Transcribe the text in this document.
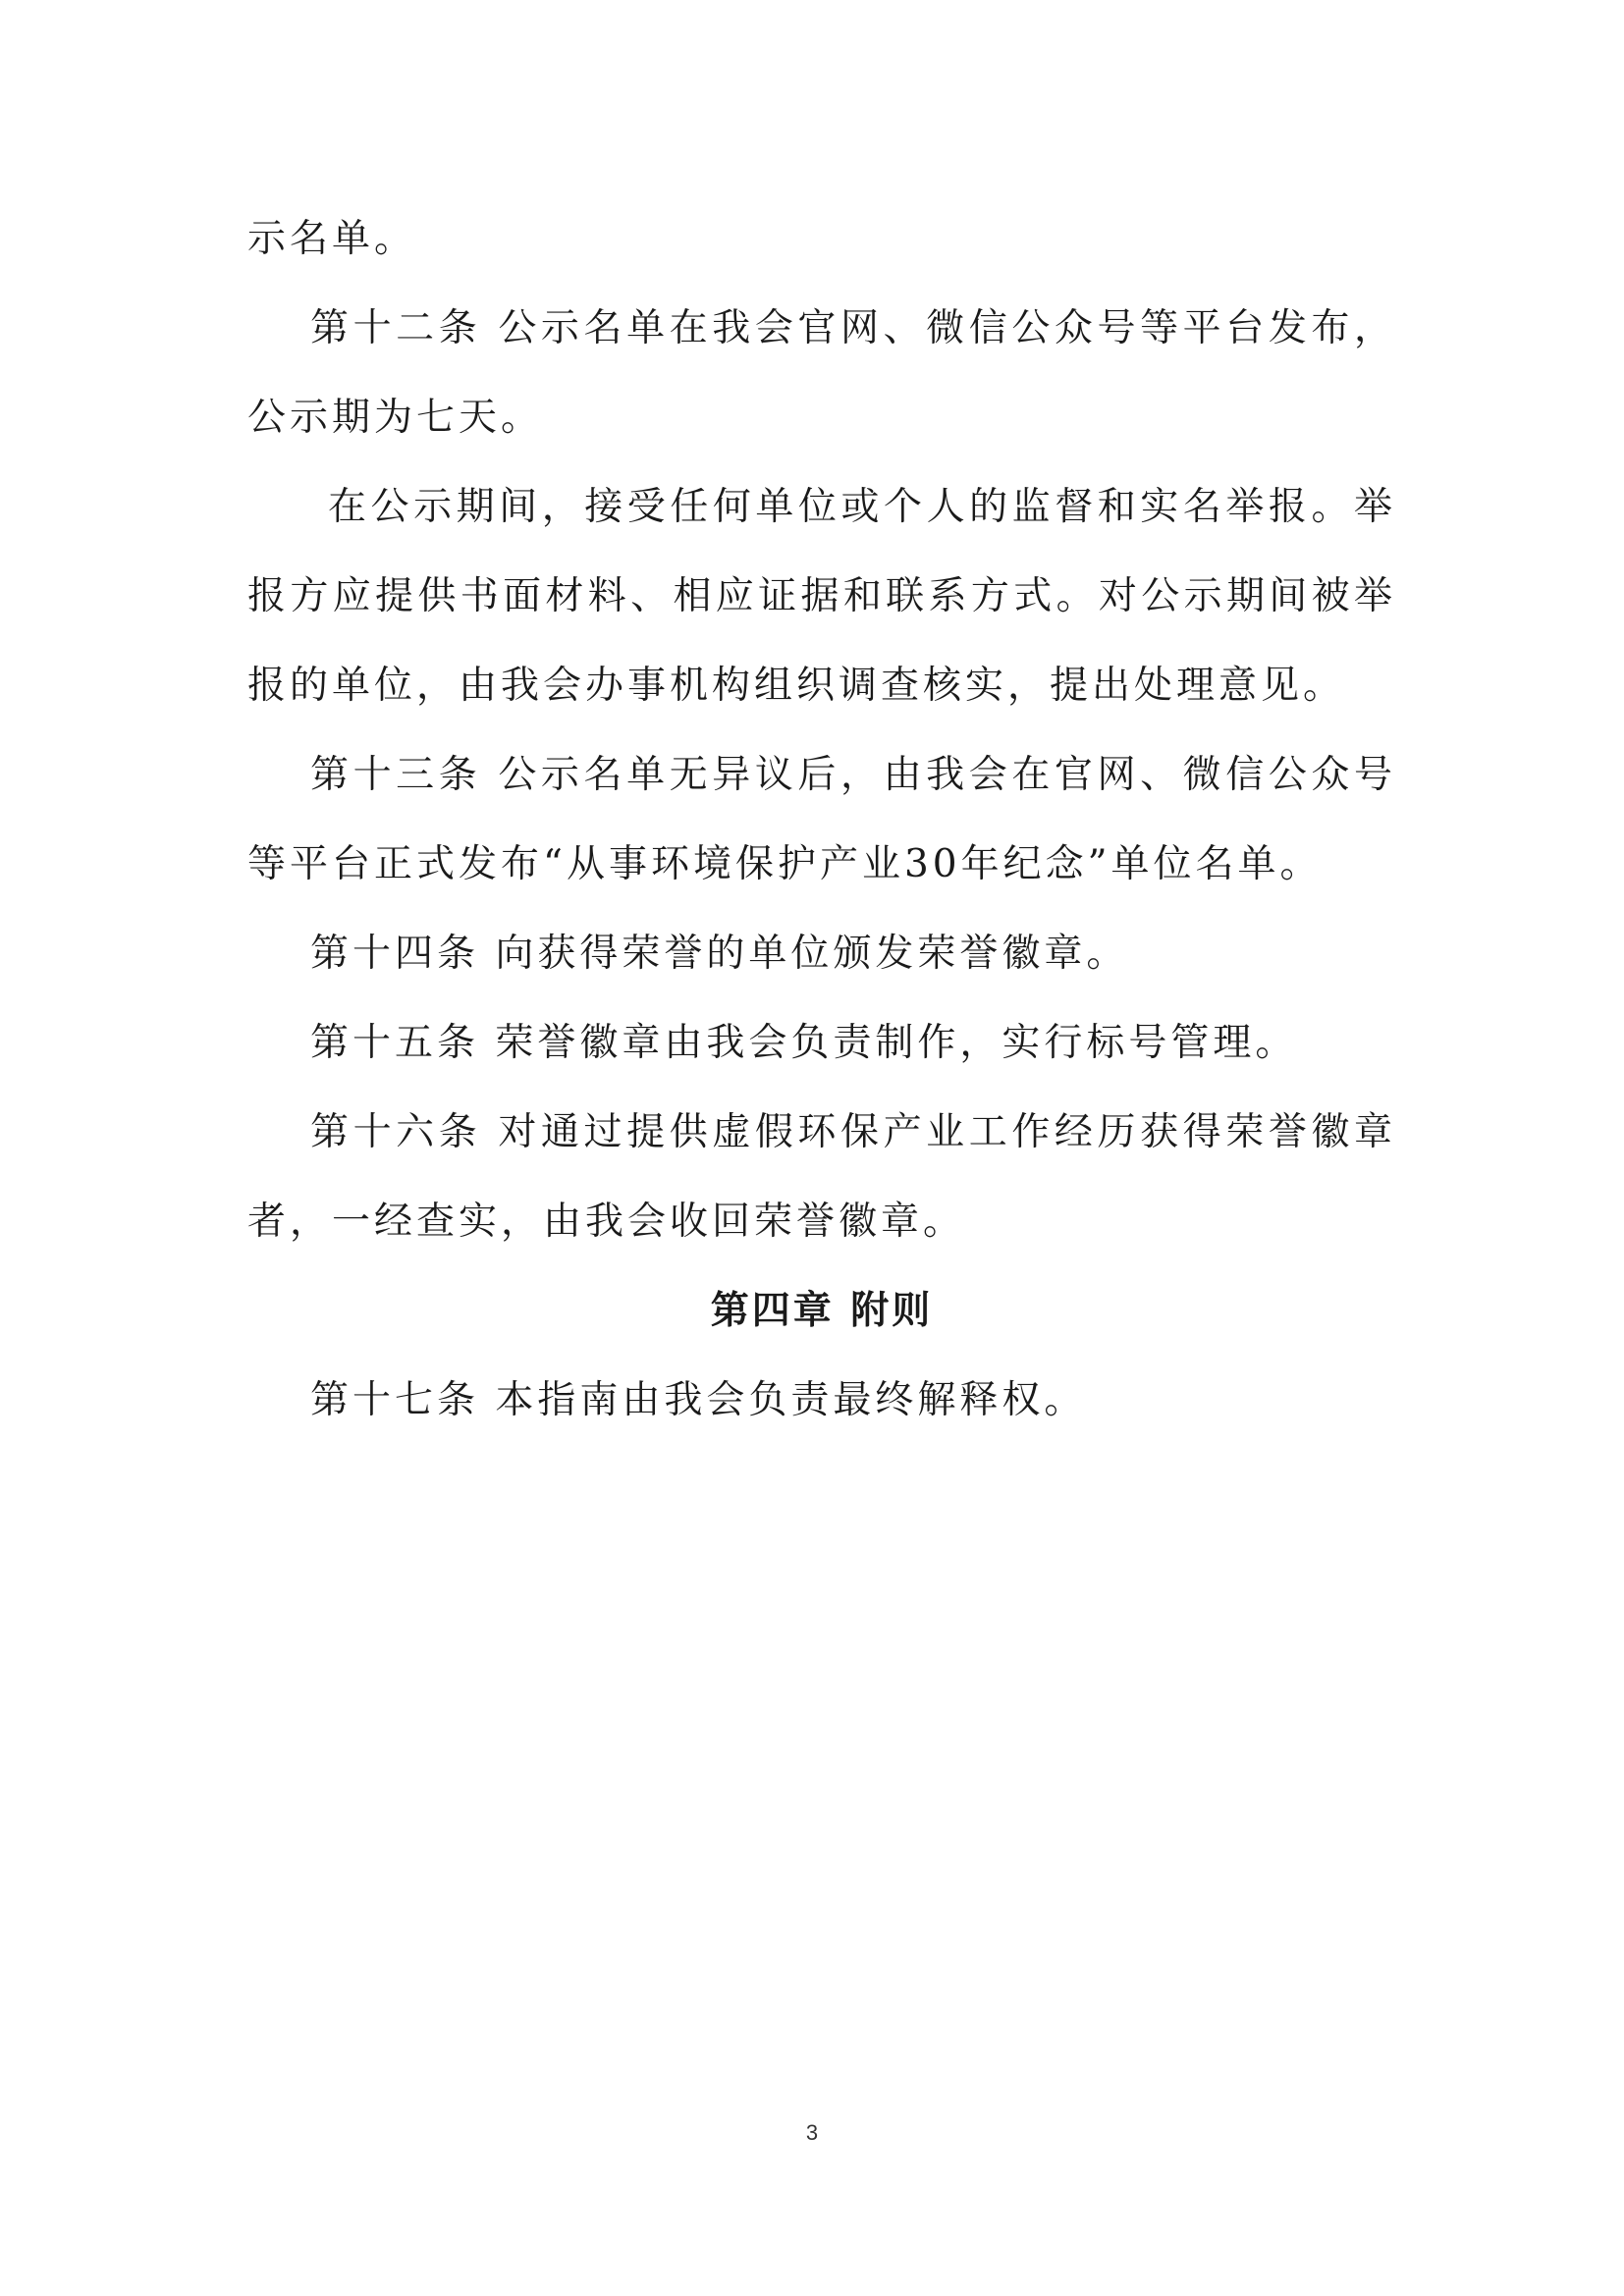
示名单。

第十二条 公示名单在我会官网、微信公众号等平台发布，公示期为七天。

在公示期间，接受任何单位或个人的监督和实名举报。举报方应提供书面材料、相应证据和联系方式。对公示期间被举报的单位，由我会办事机构组织调查核实，提出处理意见。

第十三条 公示名单无异议后，由我会在官网、微信公众号等平台正式发布“从事环境保护产业30年纪念”单位名单。

第十四条 向获得荣誉的单位颁发荣誉徽章。

第十五条 荣誉徽章由我会负责制作，实行标号管理。

第十六条 对通过提供虚假环保产业工作经历获得荣誉徽章者，一经查实，由我会收回荣誉徽章。

第四章 附则

第十七条 本指南由我会负责最终解释权。

3
